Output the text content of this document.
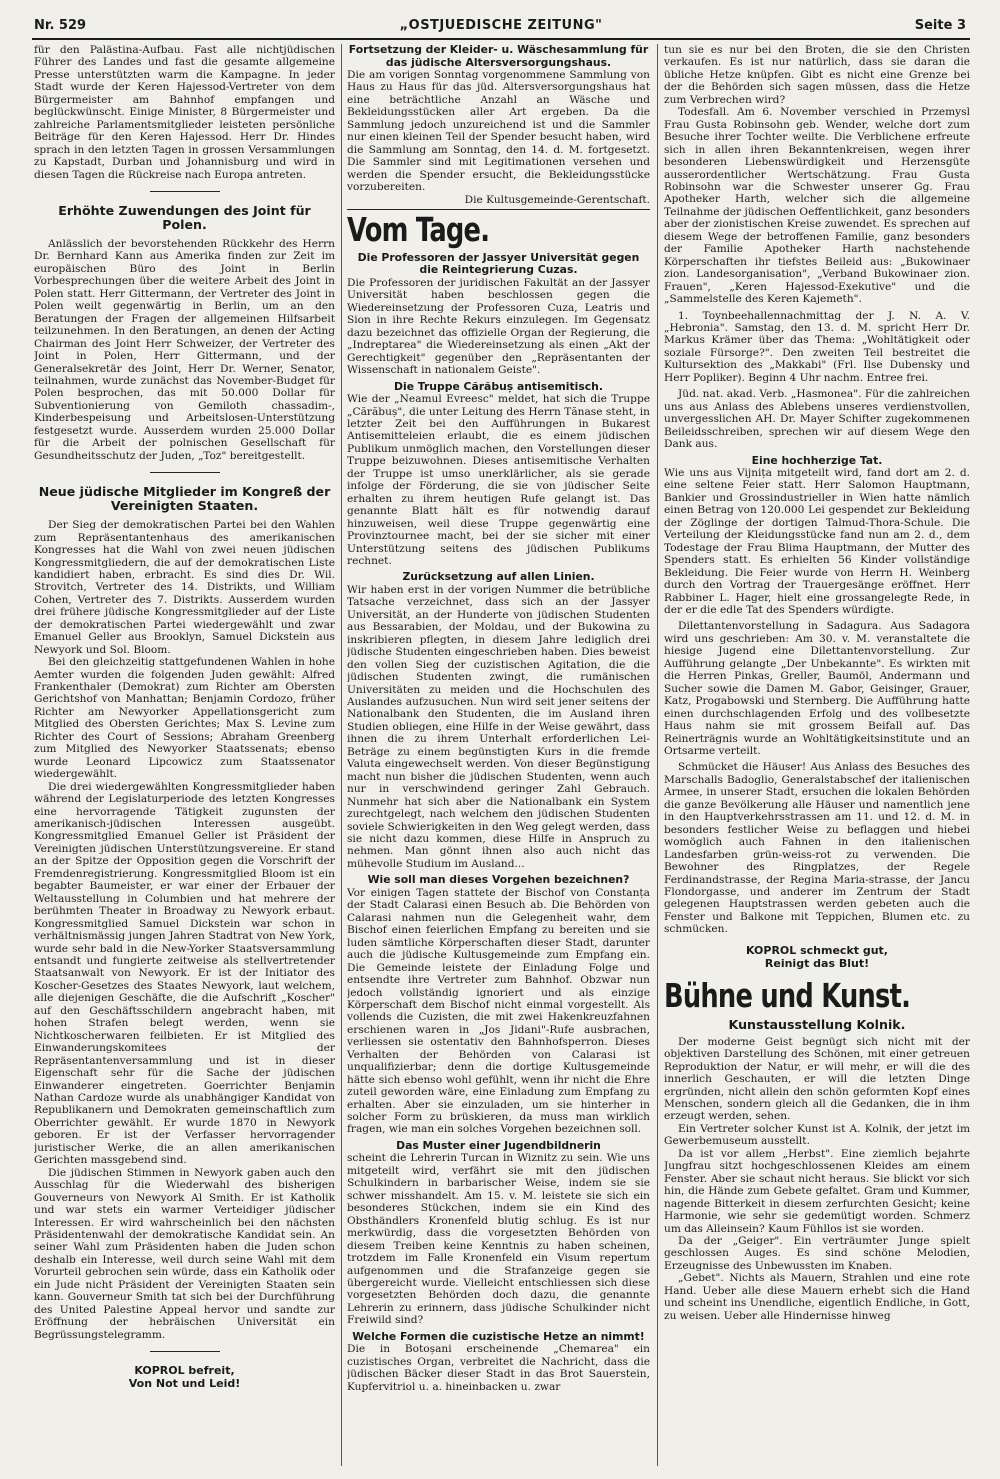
Nr. 529	„OSTJUEDISCHE ZEITUNG"	Seite 3

für den Palästina-Aufbau. Fast alle nichtjüdischen Führer des Landes und fast die gesamte allgemeine Presse unterstützten warm die Kampagne. In jeder Stadt wurde der Keren Hajessod-Vertreter von dem Bürgermeister am Bahnhof empfangen und beglückwünscht. Einige Minister, 8 Bürgermeister und zahlreiche Parlamentsmitglieder leisteten persönliche Beiträge für den Keren Hajessod. Herr Dr. Hindes sprach in den letzten Tagen in grossen Versammlungen zu Kapstadt, Durban und Johannisburg und wird in diesen Tagen die Rückreise nach Europa antreten.

Erhöhte Zuwendungen des Joint für Polen.

Anlässlich der bevorstehenden Rückkehr des Herrn Dr. Bernhard Kann aus Amerika finden zur Zeit im europäischen Büro des Joint in Berlin Vorbesprechungen über die weitere Arbeit des Joint in Polen statt. Herr Gittermann, der Vertreter des Joint in Polen weilt gegenwärtig in Berlin, um an den Beratungen der Fragen der allgemeinen Hilfsarbeit teilzunehmen. In den Beratungen, an denen der Acting Chairman des Joint Herr Schweizer, der Vertreter des Joint in Polen, Herr Gittermann, und der Generalsekretär des Joint, Herr Dr. Werner, Senator, teilnahmen, wurde zunächst das November-Budget für Polen besprochen, das mit 50.000 Dollar für Subventionierung von Gemiloth chassadim-, Kinderbespeisung und Arbeitslosen-Unterstützung festgesetzt wurde. Ausserdem wurden 25.000 Dollar für die Arbeit der polnischen Gesellschaft für Gesundheitsschutz der Juden, „Toz" bereitgestellt.

Neue jüdische Mitglieder im Kongreß der Vereinigten Staaten.

Der Sieg der demokratischen Partei bei den Wahlen zum Repräsentantenhaus des amerikanischen Kongresses hat die Wahl von zwei neuen jüdischen Kongressmitgliedern, die auf der demokratischen Liste kandidiert haben, erbracht. Es sind dies Dr. Wil. Strovitch, Vertreter des 14. Distrikts, und William Cohen, Vertreter des 7. Distrikts. Ausserdem wurden drei frühere jüdische Kongressmitglieder auf der Liste der demokratischen Partei wiedergewählt und zwar Emanuel Geller aus Brooklyn, Samuel Dickstein aus Newyork und Sol. Bloom.

Bei den gleichzeitig stattgefundenen Wahlen in hohe Aemter wurden die folgenden Juden gewählt: Alfred Frankenthaler (Demokrat) zum Richter am Obersten Gerichtshof von Manhattan; Benjamin Cordozo, früher Richter am Newyorker Appellationsgericht zum Mitglied des Obersten Gerichtes; Max S. Levine zum Richter des Court of Sessions; Abraham Greenberg zum Mitglied des Newyorker Staatssenats; ebenso wurde Leonard Lipcowicz zum Staatssenator wiedergewählt.

Die drei wiedergewählten Kongressmitglieder haben während der Legislaturperiode des letzten Kongresses eine hervorragende Tätigkeit zugunsten der amerikanisch-jüdischen Interessen ausgeübt. Kongressmitglied Emanuel Geller ist Präsident der Vereinigten jüdischen Unterstützungsvereine. Er stand an der Spitze der Opposition gegen die Vorschrift der Fremdenregistrierung. Kongressmitglied Bloom ist ein begabter Baumeister, er war einer der Erbauer der Weltausstellung in Columbien und hat mehrere der berühmten Theater in Broadway zu Newyork erbaut. Kongressmitglied Samuel Dickstein war schon in verhältnismässig jungen Jahren Stadtrat von New York, wurde sehr bald in die New-Yorker Staatsversammlung entsandt und fungierte zeitweise als stellvertretender Staatsanwalt von Newyork. Er ist der Initiator des Koscher-Gesetzes des Staates Newyork, laut welchem, alle diejenigen Geschäfte, die die Aufschrift „Koscher" auf den Geschäftsschildern angebracht haben, mit hohen Strafen belegt werden, wenn sie Nichtkoscherwaren feilbieten. Er ist Mitglied des Einwanderungskomitees der Repräsentantenversammlung und ist in dieser Eigenschaft sehr für die Sache der jüdischen Einwanderer eingetreten. Goerrichter Benjamin Nathan Cardoze wurde als unabhängiger Kandidat von Republikanern und Demokraten gemeinschaftlich zum Oberrichter gewählt. Er wurde 1870 in Newyork geboren. Er ist der Verfasser hervorragender juristischer Werke, die an allen amerikanischen Gerichten massgebend sind.

Die jüdischen Stimmen in Newyork gaben auch den Ausschlag für die Wiederwahl des bisherigen Gouverneurs von Newyork Al Smith. Er ist Katholik und war stets ein warmer Verteidiger jüdischer Interessen. Er wird wahrscheinlich bei den nächsten Präsidentenwahl der demokratische Kandidat sein. An seiner Wahl zum Präsidenten haben die Juden schon deshalb ein Interesse, weil durch seine Wahl mit dem Vorurteil gebrochen sein würde, dass ein Katholik oder ein Jude nicht Präsident der Vereinigten Staaten sein kann. Gouverneur Smith tat sich bei der Durchführung des United Palestine Appeal hervor und sandte zur Eröffnung der hebräischen Universität ein Begrüssungstelegramm.

KOPROL befreit,
Von Not und Leid!
Fortsetzung der Kleider- u. Wäschesammlung für das jüdische Altersversorgungshaus.

Die am vorigen Sonntag vorgenommene Sammlung von Haus zu Haus für das jüd. Altersversorgungshaus hat eine beträchtliche Anzahl an Wäsche und Bekleidungsstücken aller Art ergeben. Da die Sammlung jedoch unzureichend ist und die Sammler nur einen kleinen Teil der Spender besucht haben, wird die Sammlung am Sonntag, den 14. d. M. fortgesetzt. Die Sammler sind mit Legitimationen versehen und werden die Spender ersucht, die Bekleidungsstücke vorzubereiten.

Die Kultusgemeinde-Gerentschaft.
Vom Tage.
Die Professoren der Jassyer Universität gegen die Reintegrierung Cuzas.

Die Professoren der juridischen Fakultät an der Jassyer Universität haben beschlossen gegen die Wiedereinsetzung der Professoren Cuza, Leatris und Sion in ihre Rechte Rekurs einzulegen. Im Gegensatz dazu bezeichnet das offizielle Organ der Regierung, die „Indreptarea" die Wiedereinsetzung als einen „Akt der Gerechtigkeit" gegenüber den „Repräsentanten der Wissenschaft in nationalem Geiste".

Die Truppe Cărăbuș antisemitisch.

Wie der „Neamul Evreesc" meldet, hat sich die Truppe „Cărăbuș", die unter Leitung des Herrn Tănase steht, in letzter Zeit bei den Aufführungen in Bukarest Antisemitteleien erlaubt, die es einem jüdischen Publikum unmöglich machen, den Vorstellungen dieser Truppe beizuwohnen. Dieses antisemitische Verhalten der Truppe ist umso unerklärlicher, als sie gerade infolge der Förderung, die sie von jüdischer Seite erhalten zu ihrem heutigen Rufe gelangt ist. Das genannte Blatt hält es für notwendig darauf hinzuweisen, weil diese Truppe gegenwärtig eine Provinztournee macht, bei der sie sicher mit einer Unterstützung seitens des jüdischen Publikums rechnet.

Zurücksetzung auf allen Linien.

Wir haben erst in der vorigen Nummer die betrübliche Tatsache verzeichnet, dass sich an der Jassyer Universität, an der Hunderte von jüdischen Studenten aus Bessarabien, der Moldau, und der Bukowina zu inskribieren pflegten, in diesem Jahre lediglich drei jüdische Studenten eingeschrieben haben. Dies beweist den vollen Sieg der cuzistischen Agitation, die die jüdischen Studenten zwingt, die rumänischen Universitäten zu meiden und die Hochschulen des Auslandes aufzusuchen. Nun wird seit jener seitens der Nationalbank den Studenten, die im Ausland ihren Studien obliegen, eine Hilfe in der Weise gewährt, dass ihnen die zu ihrem Unterhalt erforderlichen Lei-Beträge zu einem begünstigten Kurs in die fremde Valuta eingewechselt werden. Von dieser Begünstigung macht nun bisher die jüdischen Studenten, wenn auch nur in verschwindend geringer Zahl Gebrauch. Nunmehr hat sich aber die Nationalbank ein System zurechtgelegt, nach welchem den jüdischen Studenten soviele Schwierigkeiten in den Weg gelegt werden, dass sie nicht dazu kommen, diese Hilfe in Anspruch zu nehmen. Man gönnt ihnen also auch nicht das mühevolle Studium im Ausland...

Wie soll man dieses Vorgehen bezeichnen?

Vor einigen Tagen stattete der Bischof von Constanța der Stadt Calarasi einen Besuch ab. Die Behörden von Calarasi nahmen nun die Gelegenheit wahr, dem Bischof einen feierlichen Empfang zu bereiten und sie luden sämtliche Körperschaften dieser Stadt, darunter auch die jüdische Kultusgemeinde zum Empfang ein. Die Gemeinde leistete der Einladung Folge und entsendte ihre Vertreter zum Bahnhof. Obzwar nun jedoch vollständig ignoriert und als einzige Körperschaft dem Bischof nicht einmal vorgestellt. Als vollends die Cuzisten, die mit zwei Hakenkreuzfahnen erschienen waren in „Jos Jidani"-Rufe ausbrachen, verliessen sie ostentativ den Bahnhofsperron. Dieses Verhalten der Behörden von Calarasi ist unqualifizierbar; denn die dortige Kultusgemeinde hätte sich ebenso wohl gefühlt, wenn ihr nicht die Ehre zuteil geworden wäre, eine Einladung zum Empfang zu erhalten. Aber sie einzuladen, um sie hinterher in solcher Form zu brüskieren, da muss man wirklich fragen, wie man ein solches Vorgehen bezeichnen soll.

Das Muster einer Jugendbildnerin

scheint die Lehrerin Turcan in Wiznitz zu sein. Wie uns mitgeteilt wird, verfährt sie mit den jüdischen Schulkindern in barbarischer Weise, indem sie sie schwer misshandelt. Am 15. v. M. leistete sie sich ein besonderes Stückchen, indem sie ein Kind des Obsthändlers Kronenfeld blutig schlug. Es ist nur merkwürdig, dass die vorgesetzten Behörden von diesem Treiben keine Kenntnis zu haben scheinen, trotzdem im Falle Kronenfeld ein Visum repertum aufgenommen und die Strafanzeige gegen sie übergereicht wurde. Vielleicht entschliessen sich diese vorgesetzten Behörden doch dazu, die genannte Lehrerin zu erinnern, dass jüdische Schulkinder nicht Freiwild sind?

Welche Formen die cuzistische Hetze an nimmt!

Die in Botoșani erscheinende „Chemarea" ein cuzistisches Organ, verbreitet die Nachricht, dass die jüdischen Bäcker dieser Stadt in das Brot Sauerstein, Kupfervitriol u. a. hineinbacken u. zwar

tun sie es nur bei den Broten, die sie den Christen verkaufen. Es ist nur natürlich, dass sie daran die übliche Hetze knüpfen. Gibt es nicht eine Grenze bei der die Behörden sich sagen müssen, dass die Hetze zum Verbrechen wird?

Todesfall. Am 6. November verschied in Przemysl Frau Gusta Robinsohn geb. Wender, welche dort zum Besuche ihrer Tochter weilte. Die Verblichene erfreute sich in allen ihren Bekanntenkreisen, wegen ihrer besonderen Liebenswürdigkeit und Herzensgüte ausserordentlicher Wertschätzung. Frau Gusta Robinsohn war die Schwester unserer Gg. Frau Apotheker Harth, welcher sich die allgemeine Teilnahme der jüdischen Oeffentlichkeit, ganz besonders aber der zionistischen Kreise zuwendet. Es sprechen auf diesem Wege der betroffenen Familie, ganz besonders der Familie Apotheker Harth nachstehende Körperschaften ihr tiefstes Beileid aus: „Bukowinaer zion. Landesorganisation", „Verband Bukowinaer zion. Frauen", „Keren Hajessod-Exekutive" und die „Sammelstelle des Keren Kajemeth".

1. Toynbeehallennachmittag der J. N. A. V. „Hebronia". Samstag, den 13. d. M. spricht Herr Dr. Markus Krämer über das Thema: „Wohltätigkeit oder soziale Fürsorge?". Den zweiten Teil bestreitet die Kultursektion des „Makkabi" (Frl. Ilse Dubensky und Herr Popliker). Beginn 4 Uhr nachm. Entree frei.

Jüd. nat. akad. Verb. „Hasmonea". Für die zahlreichen uns aus Anlass des Ablebens unseres verdienstvollen, unvergesslichen AH. Dr. Mayer Schifter zugekommenen Beileidsschreiben, sprechen wir auf diesem Wege den Dank aus.

Eine hochherzige Tat.

Wie uns aus Vijnița mitgeteilt wird, fand dort am 2. d. eine seltene Feier statt. Herr Salomon Hauptmann, Bankier und Grossindustrieller in Wien hatte nämlich einen Betrag von 120.000 Lei gespendet zur Bekleidung der Zöglinge der dortigen Talmud-Thora-Schule. Die Verteilung der Kleidungsstücke fand nun am 2. d., dem Todestage der Frau Blima Hauptmann, der Mutter des Spenders statt. Es erhielten 56 Kinder vollständige Bekleidung. Die Feier wurde von Herrn H. Weinberg durch den Vortrag der Trauergesänge eröffnet. Herr Rabbiner L. Hager, hielt eine grossangelegte Rede, in der er die edle Tat des Spenders würdigte.

Dilettantenvorstellung in Sadagura. Aus Sadagora wird uns geschrieben: Am 30. v. M. veranstaltete die hiesige Jugend eine Dilettantenvorstellung. Zur Aufführung gelangte „Der Unbekannte". Es wirkten mit die Herren Pinkas, Greller, Baumöl, Andermann und Sucher sowie die Damen M. Gabor, Geisinger, Grauer, Katz, Progabowski und Sternberg. Die Aufführung hatte einen durchschlagenden Erfolg und des vollbesetzte Haus nahm sie mit grossem Beifall auf. Das Reinerträgnis wurde an Wohltätigkeitsinstitute und an Ortsarme verteilt.

Schmücket die Häuser! Aus Anlass des Besuches des Marschalls Badoglio, Generalstabschef der italienischen Armee, in unserer Stadt, ersuchen die lokalen Behörden die ganze Bevölkerung alle Häuser und namentlich jene in den Hauptverkehrsstrassen am 11. und 12. d. M. in besonders festlicher Weise zu beflaggen und hiebei womöglich auch Fahnen in den italienischen Landesfarben grün-weiss-rot zu verwenden. Die Bewohner des Ringplatzes, der Regele Ferdinandstrasse, der Regina Maria-strasse, der Jancu Flondorgasse, und anderer im Zentrum der Stadt gelegenen Hauptstrassen werden gebeten auch die Fenster und Balkone mit Teppichen, Blumen etc. zu schmücken.

KOPROL schmeckt gut,
Reinigt das Blut!
Bühne und Kunst.
Kunstausstellung Kolnik.

Der moderne Geist begnügt sich nicht mit der objektiven Darstellung des Schönen, mit einer getreuen Reproduktion der Natur, er will mehr, er will die des innerlich Geschauten, er will die letzten Dinge ergründen, nicht allein den schön geformten Kopf eines Menschen, sondern gleich all die Gedanken, die in ihm erzeugt werden, sehen.

Ein Vertreter solcher Kunst ist A. Kolnik, der jetzt im Gewerbemuseum ausstellt.

Da ist vor allem „Herbst". Eine ziemlich bejahrte Jungfrau sitzt hochgeschlossenen Kleides am einem Fenster. Aber sie schaut nicht heraus. Sie blickt vor sich hin, die Hände zum Gebete gefaltet. Gram und Kummer, nagende Bitterkeit in diesem zerfurchten Gesicht; keine Harmonie, wie sehr sie gedemütigt worden. Schmerz um das Alleinsein? Kaum Fühllos ist sie worden.

Da der „Geiger". Ein verträumter Junge spielt geschlossen Auges. Es sind schöne Melodien, Erzeugnisse des Unbewussten im Knaben.

„Gebet". Nichts als Mauern, Strahlen und eine rote Hand. Ueber alle diese Mauern erhebt sich die Hand und scheint ins Unendliche, eigentlich Endliche, in Gott, zu weisen. Ueber alle Hindernisse hinweg
